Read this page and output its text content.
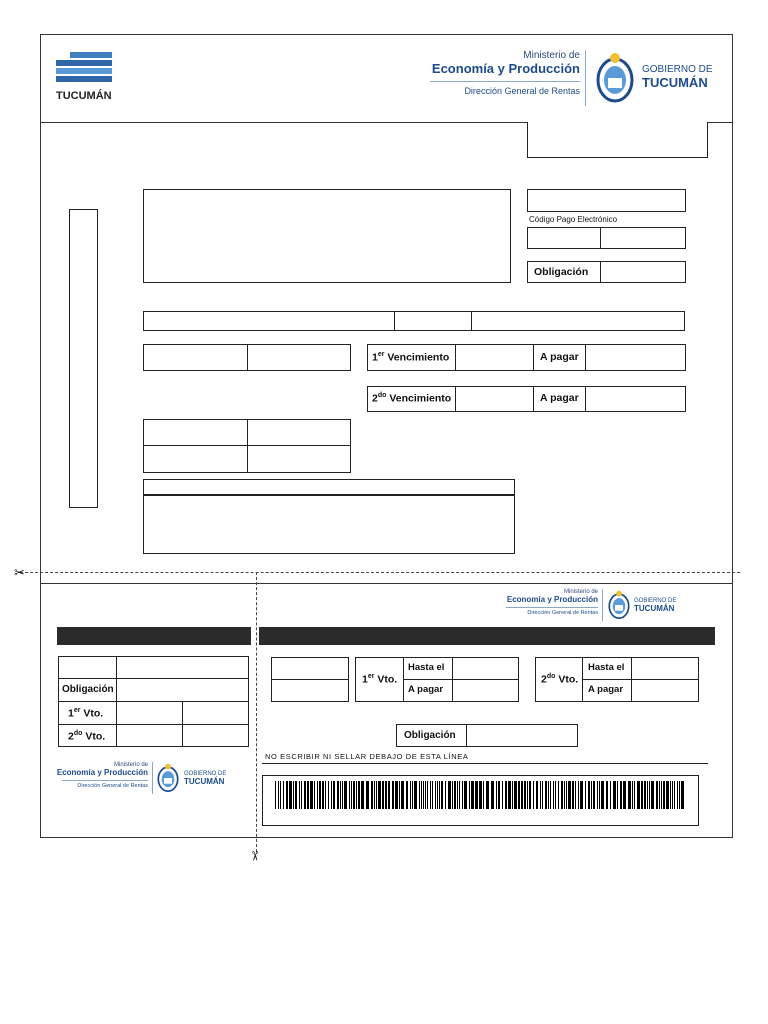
TUCUMÁN
Ministerio de
Economía y Producción
Dirección General de Rentas
GOBIERNO DE
TUCUMÁN
Código Pago Electrónico
Obligación
1er Vencimiento	A pagar
$2^{do}$ Vencimiento	A pagar
✂
✂
Ministerio de
Economía y Producción
Dirección General de Rentas
GOBIERNO DE
TUCUMÁN
Obligación
1er Vto.
$2^{do}$ Vto.
Ministerio de
Economía y Producción
Dirección General de Rentas
GOBIERNO DE
TUCUMÁN
1er Vto.
Hasta el
A pagar
$2^{do}$ Vto.
Hasta el
A pagar
Obligación
NO ESCRIBIR NI SELLAR DEBAJO DE ESTA LÍNEA
